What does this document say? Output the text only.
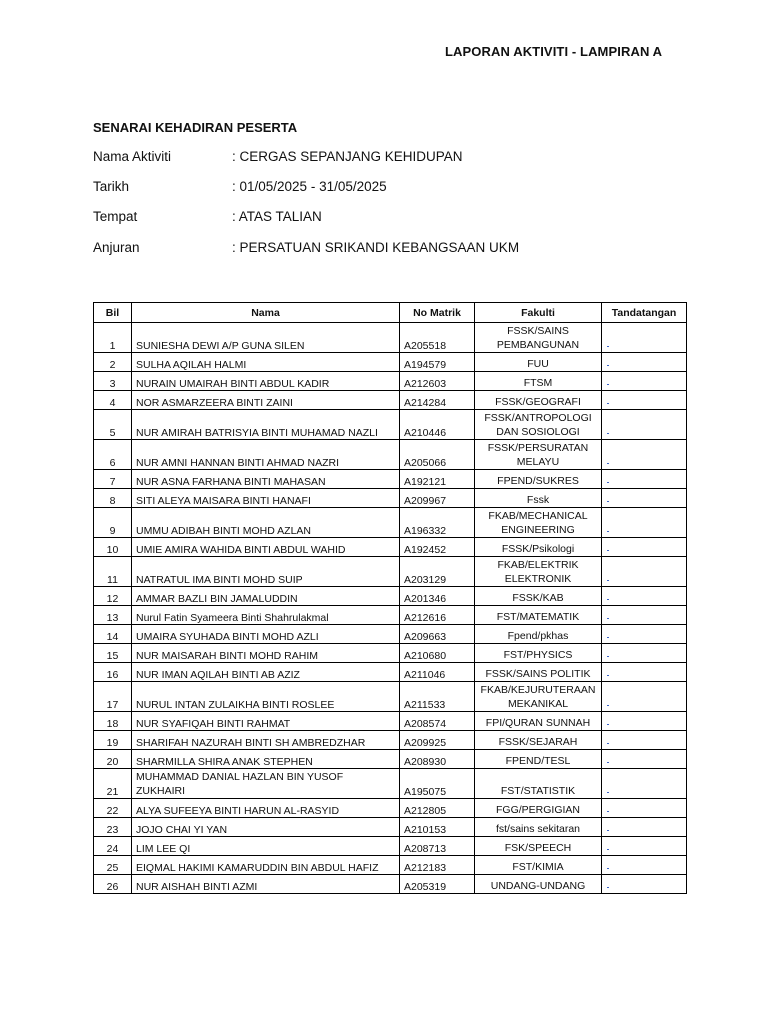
LAPORAN AKTIVITI - LAMPIRAN A
SENARAI KEHADIRAN PESERTA
Nama Aktiviti	: CERGAS SEPANJANG KEHIDUPAN
Tarikh	: 01/05/2025 - 31/05/2025
Tempat	: ATAS TALIAN
Anjuran	: PERSATUAN SRIKANDI KEBANGSAAN UKM
Bil	Nama	No Matrik	Fakulti	Tandatangan
1	SUNIESHA DEWI A/P GUNA SILEN	A205518	FSSK/SAINS PEMBANGUNAN	
2	SULHA AQILAH HALMI	A194579	FUU	
3	NURAIN UMAIRAH BINTI ABDUL KADIR	A212603	FTSM	
4	NOR ASMARZEERA BINTI ZAINI	A214284	FSSK/GEOGRAFI	
5	NUR AMIRAH BATRISYIA BINTI MUHAMAD NAZLI	A210446	FSSK/ANTROPOLOGI DAN SOSIOLOGI	
6	NUR AMNI HANNAN BINTI AHMAD NAZRI	A205066	FSSK/PERSURATAN MELAYU	
7	NUR ASNA FARHANA BINTI MAHASAN	A192121	FPEND/SUKRES	
8	SITI ALEYA MAISARA BINTI HANAFI	A209967	Fssk	
9	UMMU ADIBAH BINTI MOHD AZLAN	A196332	FKAB/MECHANICAL ENGINEERING	
10	UMIE AMIRA WAHIDA BINTI ABDUL WAHID	A192452	FSSK/Psikologi	
11	NATRATUL IMA BINTI MOHD SUIP	A203129	FKAB/ELEKTRIK ELEKTRONIK	
12	AMMAR BAZLI BIN JAMALUDDIN	A201346	FSSK/KAB	
13	Nurul Fatin Syameera Binti Shahrulakmal	A212616	FST/MATEMATIK	
14	UMAIRA SYUHADA BINTI MOHD AZLI	A209663	Fpend/pkhas	
15	NUR MAISARAH BINTI MOHD RAHIM	A210680	FST/PHYSICS	
16	NUR IMAN AQILAH BINTI AB AZIZ	A211046	FSSK/SAINS POLITIK	
17	NURUL INTAN ZULAIKHA BINTI ROSLEE	A211533	FKAB/KEJURUTERAAN MEKANIKAL	
18	NUR SYAFIQAH BINTI RAHMAT	A208574	FPI/QURAN SUNNAH	
19	SHARIFAH NAZURAH BINTI SH AMBREDZHAR	A209925	FSSK/SEJARAH	
20	SHARMILLA SHIRA ANAK STEPHEN	A208930	FPEND/TESL	
21	MUHAMMAD DANIAL HAZLAN BIN YUSOF ZUKHAIRI	A195075	FST/STATISTIK	
22	ALYA SUFEEYA BINTI HARUN AL-RASYID	A212805	FGG/PERGIGIAN	
23	JOJO CHAI YI YAN	A210153	fst/sains sekitaran	
24	LIM LEE QI	A208713	FSK/SPEECH	
25	EIQMAL HAKIMI KAMARUDDIN BIN ABDUL HAFIZ	A212183	FST/KIMIA	
26	NUR AISHAH BINTI AZMI	A205319	UNDANG-UNDANG	
